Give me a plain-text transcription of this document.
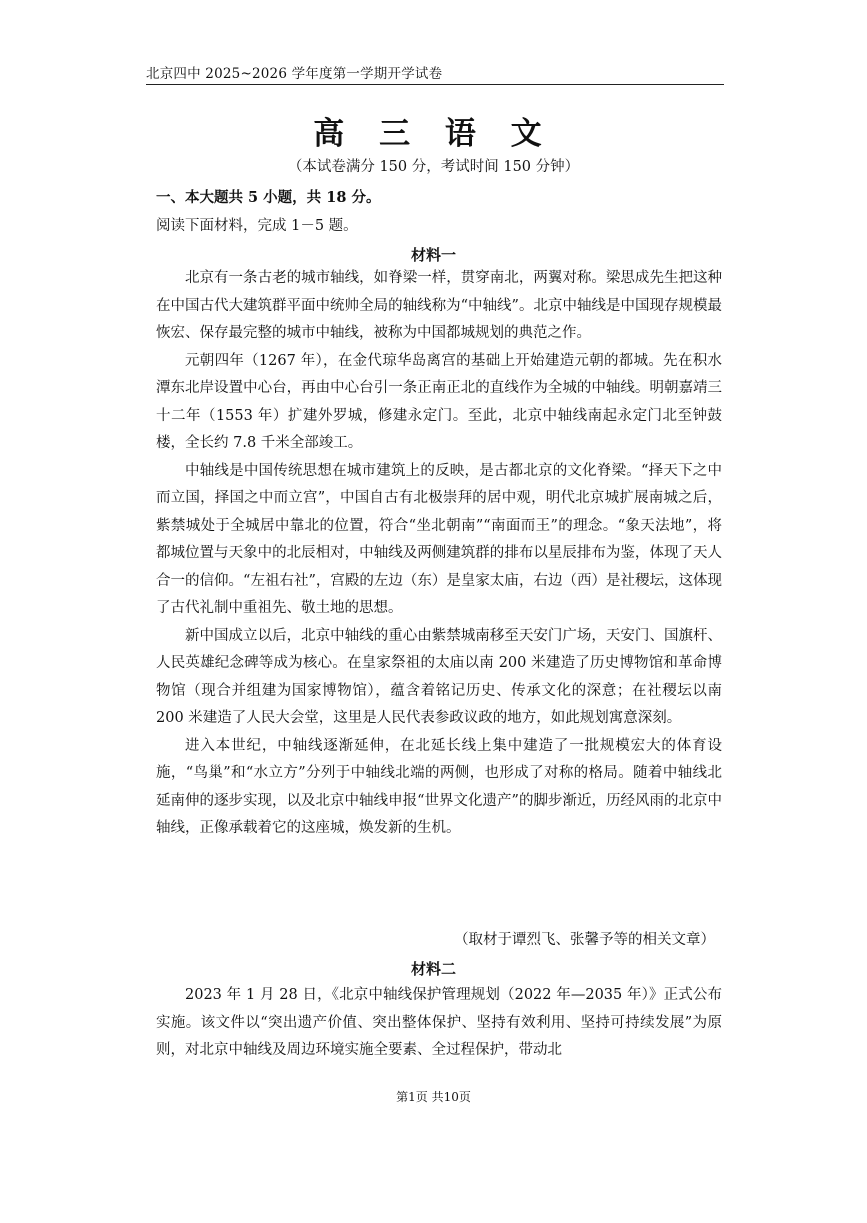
北京四中 2025~2026 学年度第一学期开学试卷
高 三 语 文
（本试卷满分 150 分，考试时间 150 分钟）
一、本大题共 5 小题，共 18 分。
阅读下面材料，完成 1－5 题。
材料一

北京有一条古老的城市轴线，如脊梁一样，贯穿南北，两翼对称。梁思成先生把这种在中国古代大建筑群平面中统帅全局的轴线称为“中轴线”。北京中轴线是中国现存规模最恢宏、保存最完整的城市中轴线，被称为中国都城规划的典范之作。

元朝四年（1267 年），在金代琼华岛离宫的基础上开始建造元朝的都城。先在积水潭东北岸设置中心台，再由中心台引一条正南正北的直线作为全城的中轴线。明朝嘉靖三十二年（1553 年）扩建外罗城，修建永定门。至此，北京中轴线南起永定门北至钟鼓楼，全长约 7.8 千米全部竣工。

中轴线是中国传统思想在城市建筑上的反映，是古都北京的文化脊梁。“择天下之中而立国，择国之中而立宫”，中国自古有北极崇拜的居中观，明代北京城扩展南城之后，紫禁城处于全城居中靠北的位置，符合“坐北朝南”“南面而王”的理念。“象天法地”，将都城位置与天象中的北辰相对，中轴线及两侧建筑群的排布以星辰排布为鉴，体现了天人合一的信仰。“左祖右社”，宫殿的左边（东）是皇家太庙，右边（西）是社稷坛，这体现了古代礼制中重祖先、敬土地的思想。

新中国成立以后，北京中轴线的重心由紫禁城南移至天安门广场，天安门、国旗杆、人民英雄纪念碑等成为核心。在皇家祭祖的太庙以南 200 米建造了历史博物馆和革命博物馆（现合并组建为国家博物馆），蕴含着铭记历史、传承文化的深意；在社稷坛以南 200 米建造了人民大会堂，这里是人民代表参政议政的地方，如此规划寓意深刻。

进入本世纪，中轴线逐渐延伸，在北延长线上集中建造了一批规模宏大的体育设施，“鸟巢”和“水立方”分列于中轴线北端的两侧，也形成了对称的格局。随着中轴线北延南伸的逐步实现，以及北京中轴线申报“世界文化遗产”的脚步渐近，历经风雨的北京中轴线，正像承载着它的这座城，焕发新的生机。

（取材于谭烈飞、张馨予等的相关文章）
材料二

2023 年 1 月 28 日，《北京中轴线保护管理规划（2022 年—2035 年）》正式公布实施。该文件以“突出遗产价值、突出整体保护、坚持有效利用、坚持可持续发展”为原则，对北京中轴线及周边环境实施全要素、全过程保护，带动北

第1页 共10页
